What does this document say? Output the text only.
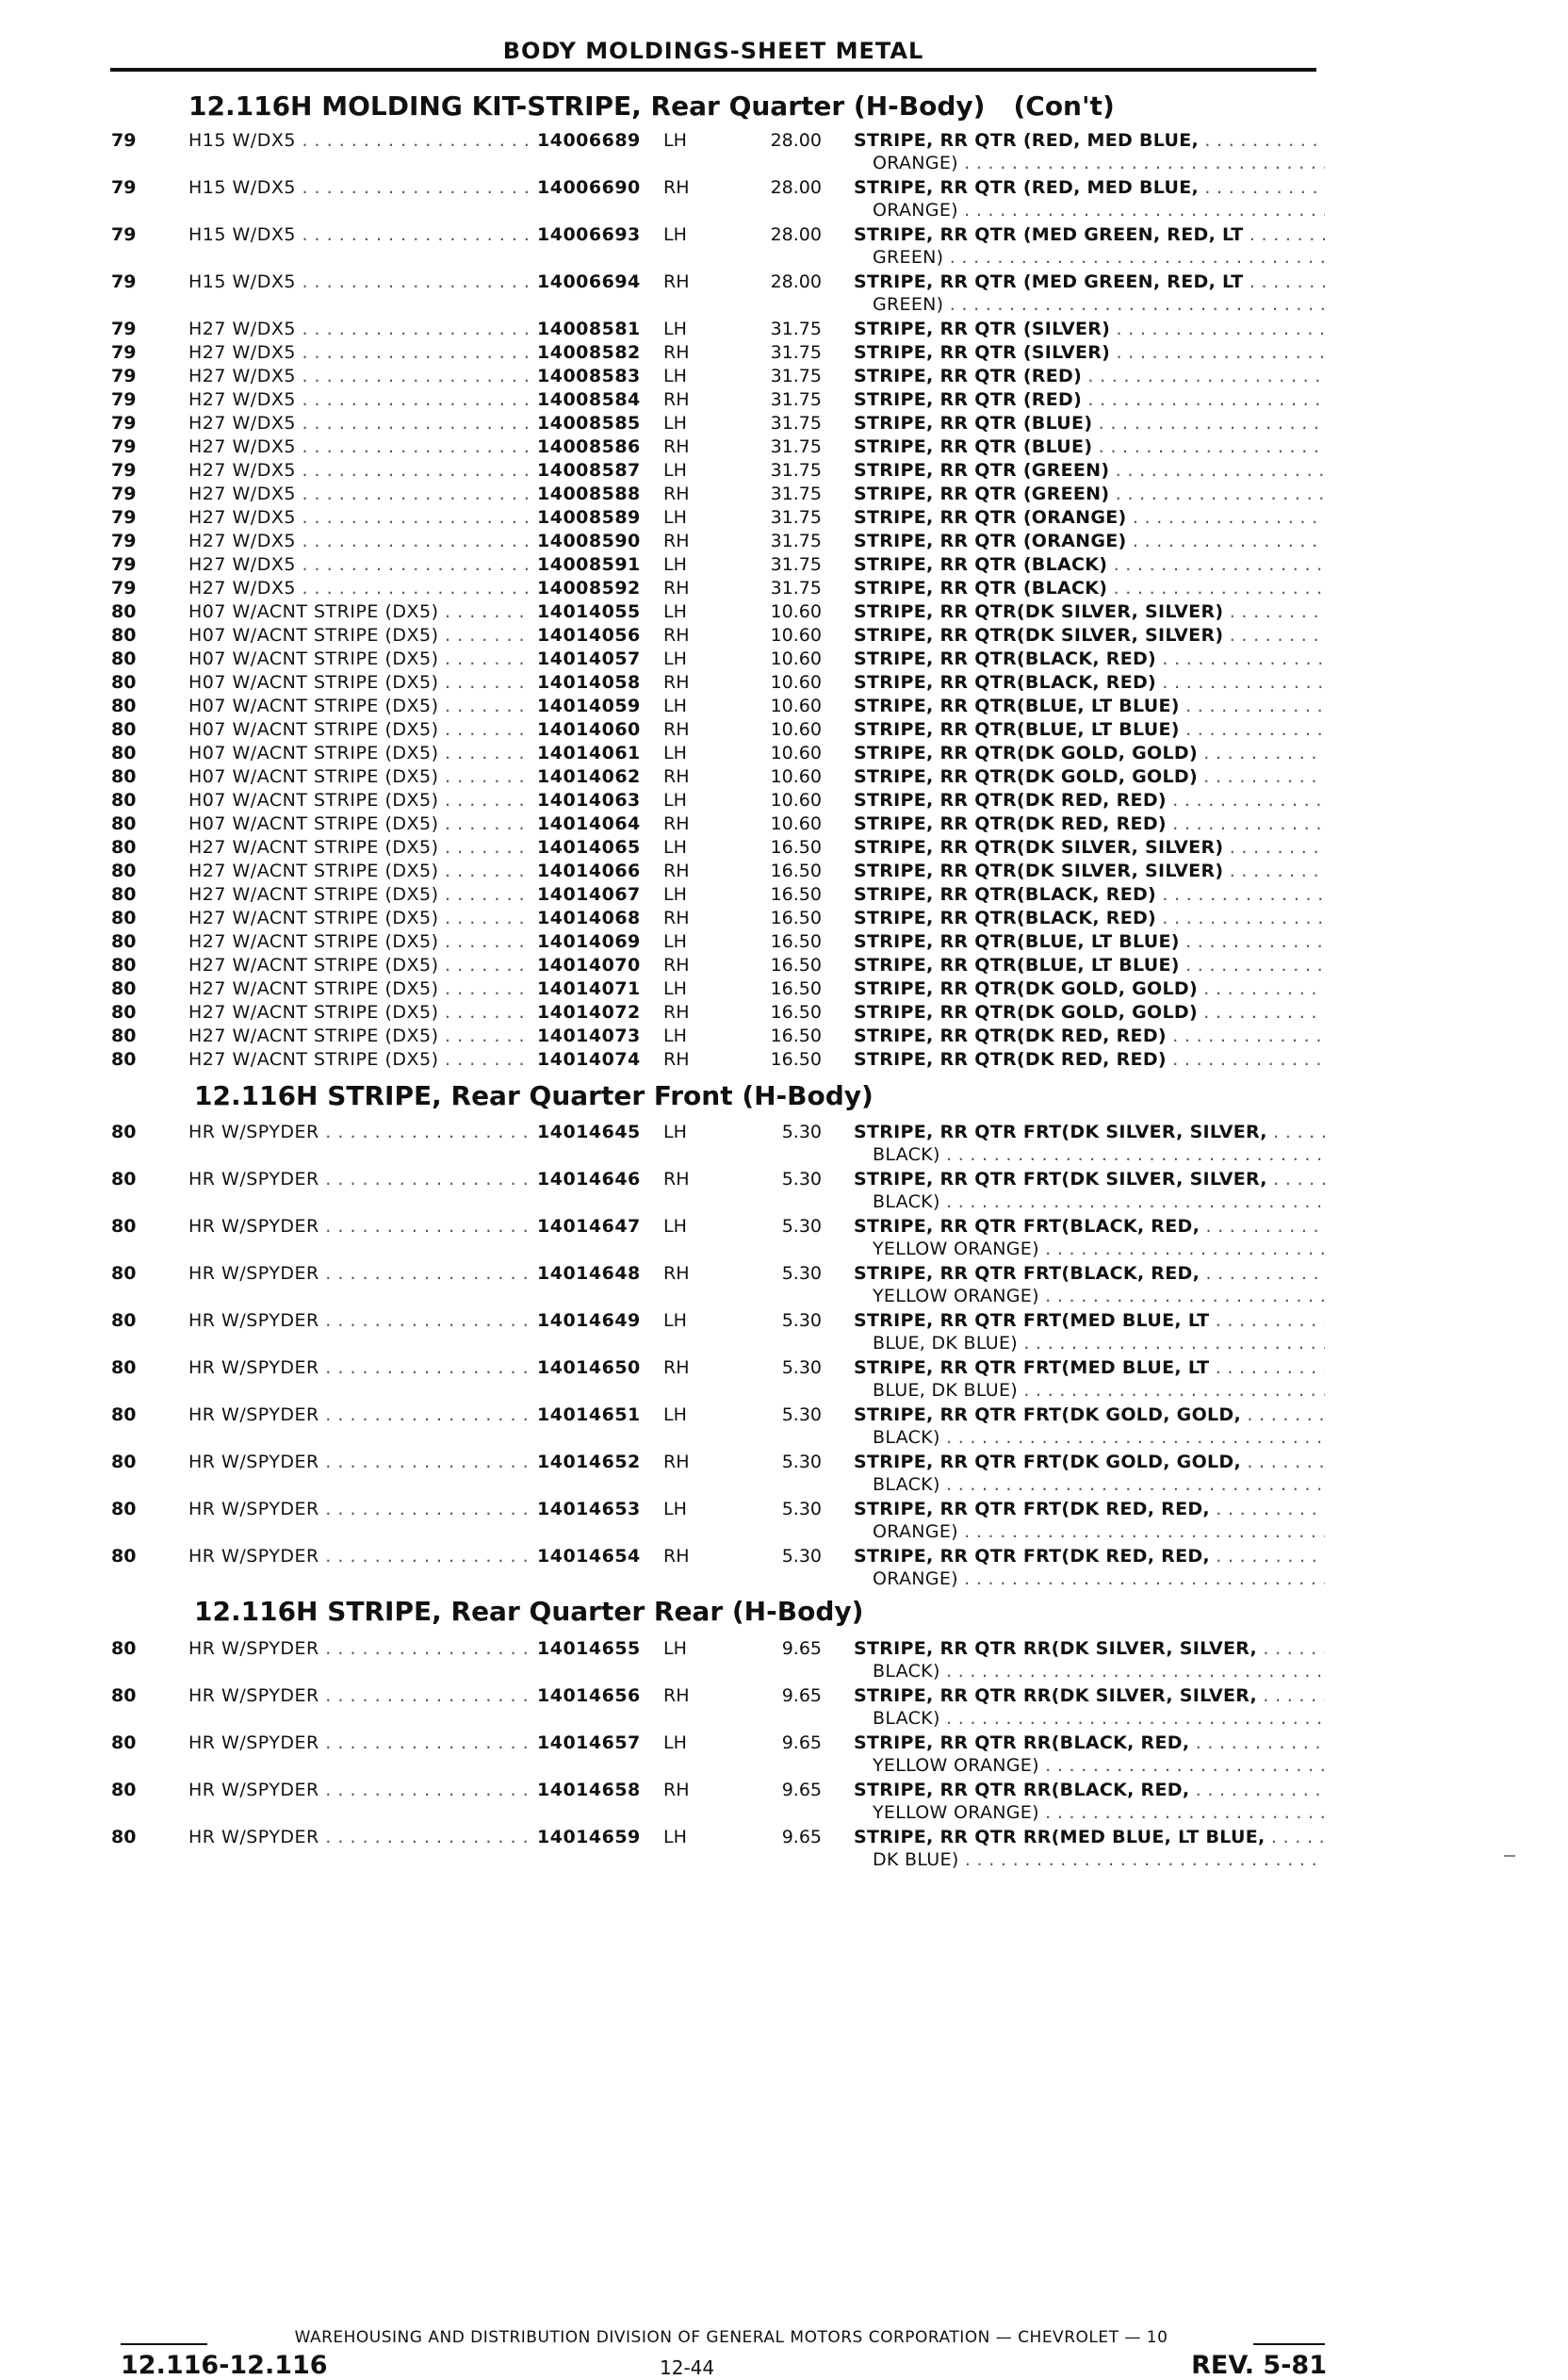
BODY MOLDINGS-SHEET METAL
12.116H MOLDING KIT-STRIPE, Rear Quarter (H-Body) (Con't)
79	H15 W/DX5 . . .	14006689	LH	28.00 STRIPE, RR QTR (RED, MED BLUE, . . .
ORANGE) . . .
79	H15 W/DX5 . . .	14006690	RH	28.00 STRIPE, RR QTR (RED, MED BLUE, . . .
ORANGE) . . .
79	H15 W/DX5 . . .	14006693	LH	28.00 STRIPE, RR QTR (MED GREEN, RED, LT . . .
GREEN) . . .
79	H15 W/DX5 . . .	14006694	RH	28.00 STRIPE, RR QTR (MED GREEN, RED, LT . . .
GREEN) . . .
79	H27 W/DX5 . . .	14008581	LH	31.75 STRIPE, RR QTR (SILVER) . . .
79	H27 W/DX5 . . .	14008582	RH	31.75 STRIPE, RR QTR (SILVER) . . .
79	H27 W/DX5 . . .	14008583	LH	31.75 STRIPE, RR QTR (RED) . . .
79	H27 W/DX5 . . .	14008584	RH	31.75 STRIPE, RR QTR (RED) . . .
79	H27 W/DX5 . . .	14008585	LH	31.75 STRIPE, RR QTR (BLUE) . . .
79	H27 W/DX5 . . .	14008586	RH	31.75 STRIPE, RR QTR (BLUE) . . .
79	H27 W/DX5 . . .	14008587	LH	31.75 STRIPE, RR QTR (GREEN) . . .
79	H27 W/DX5 . . .	14008588	RH	31.75 STRIPE, RR QTR (GREEN) . . .
79	H27 W/DX5 . . .	14008589	LH	31.75 STRIPE, RR QTR (ORANGE) . . .
79	H27 W/DX5 . . .	14008590	RH	31.75 STRIPE, RR QTR (ORANGE) . . .
79	H27 W/DX5 . . .	14008591	LH	31.75 STRIPE, RR QTR (BLACK) . . .
79	H27 W/DX5 . . .	14008592	RH	31.75 STRIPE, RR QTR (BLACK) . . .
80	H07 W/ACNT STRIPE (DX5) . . .	14014055	LH	10.60 STRIPE, RR QTR(DK SILVER, SILVER) . . .
80	H07 W/ACNT STRIPE (DX5) . . .	14014056	RH	10.60 STRIPE, RR QTR(DK SILVER, SILVER) . . .
80	H07 W/ACNT STRIPE (DX5) . . .	14014057	LH	10.60 STRIPE, RR QTR(BLACK, RED) . . .
80	H07 W/ACNT STRIPE (DX5) . . .	14014058	RH	10.60 STRIPE, RR QTR(BLACK, RED) . . .
80	H07 W/ACNT STRIPE (DX5) . . .	14014059	LH	10.60 STRIPE, RR QTR(BLUE, LT BLUE) . . .
80	H07 W/ACNT STRIPE (DX5) . . .	14014060	RH	10.60 STRIPE, RR QTR(BLUE, LT BLUE) . . .
80	H07 W/ACNT STRIPE (DX5) . . .	14014061	LH	10.60 STRIPE, RR QTR(DK GOLD, GOLD) . . .
80	H07 W/ACNT STRIPE (DX5) . . .	14014062	RH	10.60 STRIPE, RR QTR(DK GOLD, GOLD) . . .
80	H07 W/ACNT STRIPE (DX5) . . .	14014063	LH	10.60 STRIPE, RR QTR(DK RED, RED) . . .
80	H07 W/ACNT STRIPE (DX5) . . .	14014064	RH	10.60 STRIPE, RR QTR(DK RED, RED) . . .
80	H27 W/ACNT STRIPE (DX5) . . .	14014065	LH	16.50 STRIPE, RR QTR(DK SILVER, SILVER) . . .
80	H27 W/ACNT STRIPE (DX5) . . .	14014066	RH	16.50 STRIPE, RR QTR(DK SILVER, SILVER) . . .
80	H27 W/ACNT STRIPE (DX5) . . .	14014067	LH	16.50 STRIPE, RR QTR(BLACK, RED) . . .
80	H27 W/ACNT STRIPE (DX5) . . .	14014068	RH	16.50 STRIPE, RR QTR(BLACK, RED) . . .
80	H27 W/ACNT STRIPE (DX5) . . .	14014069	LH	16.50 STRIPE, RR QTR(BLUE, LT BLUE) . . .
80	H27 W/ACNT STRIPE (DX5) . . .	14014070	RH	16.50 STRIPE, RR QTR(BLUE, LT BLUE) . . .
80	H27 W/ACNT STRIPE (DX5) . . .	14014071	LH	16.50 STRIPE, RR QTR(DK GOLD, GOLD) . . .
80	H27 W/ACNT STRIPE (DX5) . . .	14014072	RH	16.50 STRIPE, RR QTR(DK GOLD, GOLD) . . .
80	H27 W/ACNT STRIPE (DX5) . . .	14014073	LH	16.50 STRIPE, RR QTR(DK RED, RED) . . .
80	H27 W/ACNT STRIPE (DX5) . . .	14014074	RH	16.50 STRIPE, RR QTR(DK RED, RED) . . .
12.116H STRIPE, Rear Quarter Front (H-Body)
80	HR W/SPYDER . . .	14014645	LH	5.30 STRIPE, RR QTR FRT(DK SILVER, SILVER, . . .
BLACK) . . .
80	HR W/SPYDER . . .	14014646	RH	5.30 STRIPE, RR QTR FRT(DK SILVER, SILVER, . . .
BLACK) . . .
80	HR W/SPYDER . . .	14014647	LH	5.30 STRIPE, RR QTR FRT(BLACK, RED, . . .
YELLOW ORANGE) . . .
80	HR W/SPYDER . . .	14014648	RH	5.30 STRIPE, RR QTR FRT(BLACK, RED, . . .
YELLOW ORANGE) . . .
80	HR W/SPYDER . . .	14014649	LH	5.30 STRIPE, RR QTR FRT(MED BLUE, LT . . .
BLUE, DK BLUE) . . .
80	HR W/SPYDER . . .	14014650	RH	5.30 STRIPE, RR QTR FRT(MED BLUE, LT . . .
BLUE, DK BLUE) . . .
80	HR W/SPYDER . . .	14014651	LH	5.30 STRIPE, RR QTR FRT(DK GOLD, GOLD, . . .
BLACK) . . .
80	HR W/SPYDER . . .	14014652	RH	5.30 STRIPE, RR QTR FRT(DK GOLD, GOLD, . . .
BLACK) . . .
80	HR W/SPYDER . . .	14014653	LH	5.30 STRIPE, RR QTR FRT(DK RED, RED, . . .
ORANGE) . . .
80	HR W/SPYDER . . .	14014654	RH	5.30 STRIPE, RR QTR FRT(DK RED, RED, . . .
ORANGE) . . .
12.116H STRIPE, Rear Quarter Rear (H-Body)
80	HR W/SPYDER . . .	14014655	LH	9.65 STRIPE, RR QTR RR(DK SILVER, SILVER, . . .
BLACK) . . .
80	HR W/SPYDER . . .	14014656	RH	9.65 STRIPE, RR QTR RR(DK SILVER, SILVER, . . .
BLACK) . . .
80	HR W/SPYDER . . .	14014657	LH	9.65 STRIPE, RR QTR RR(BLACK, RED, . . .
YELLOW ORANGE) . . .
80	HR W/SPYDER . . .	14014658	RH	9.65 STRIPE, RR QTR RR(BLACK, RED, . . .
YELLOW ORANGE) . . .
80	HR W/SPYDER . . .	14014659	LH	9.65 STRIPE, RR QTR RR(MED BLUE, LT BLUE, . . .
DK BLUE) . . .
WAREHOUSING AND DISTRIBUTION DIVISION OF GENERAL MOTORS CORPORATION — CHEVROLET — 10
12.116-12.116	12-44	REV. 5-81
